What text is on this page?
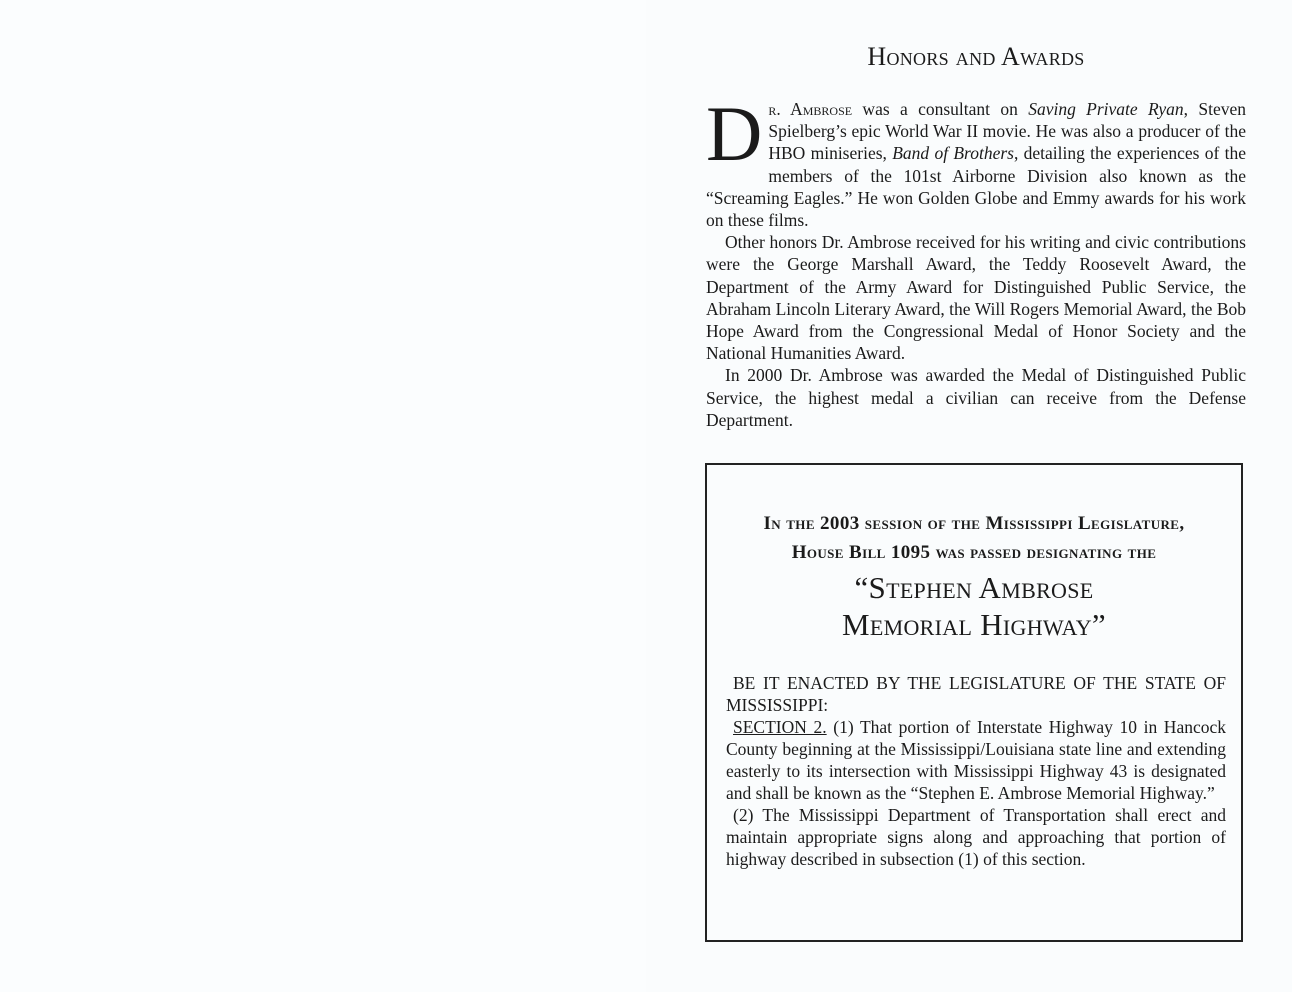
Honors and Awards

Dr. Ambrose was a consultant on Saving Private Ryan, Steven Spielberg’s epic World War II movie. He was also a producer of the HBO miniseries, Band of Brothers, detailing the experiences of the members of the 101st Airborne Division also known as the “Screaming Eagles.” He won Golden Globe and Emmy awards for his work on these films.

Other honors Dr. Ambrose received for his writing and civic contributions were the George Marshall Award, the Teddy Roosevelt Award, the Department of the Army Award for Distinguished Public Service, the Abraham Lincoln Literary Award, the Will Rogers Memorial Award, the Bob Hope Award from the Congressional Medal of Honor Society and the National Humanities Award.

In 2000 Dr. Ambrose was awarded the Medal of Distinguished Public Service, the highest medal a civilian can receive from the Defense Department.

In the 2003 session of the Mississippi Legislature,
House Bill 1095 was passed designating the
“Stephen Ambrose
Memorial Highway”

BE IT ENACTED BY THE LEGISLATURE OF THE STATE OF MISSISSIPPI:

SECTION 2. (1) That portion of Interstate Highway 10 in Hancock County beginning at the Mississippi/Louisiana state line and extending easterly to its intersection with Mississippi Highway 43 is designated and shall be known as the “Stephen E. Ambrose Memorial Highway.”

(2) The Mississippi Department of Transportation shall erect and maintain appropriate signs along and approaching that portion of highway described in subsection (1) of this section.
